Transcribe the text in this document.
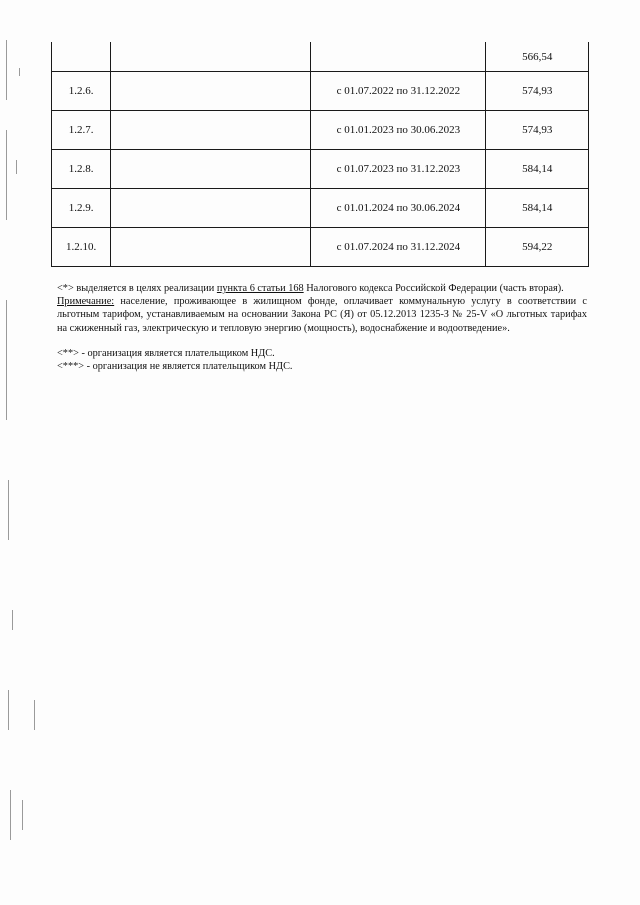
			566,54
1.2.6.		с 01.07.2022 по 31.12.2022	574,93
1.2.7.		с 01.01.2023 по 30.06.2023	574,93
1.2.8.		с 01.07.2023 по 31.12.2023	584,14
1.2.9.		с 01.01.2024 по 30.06.2024	584,14
1.2.10.		с 01.07.2024 по 31.12.2024	594,22

<*> выделяется в целях реализации пункта 6 статьи 168 Налогового кодекса Российской Федерации (часть вторая).

Примечание: население, проживающее в жилищном фонде, оплачивает коммунальную услугу в соответствии с льготным тарифом, устанавливаемым на основании Закона РС (Я) от 05.12.2013 1235-З № 25-V «О льготных тарифах на сжиженный газ, электрическую и тепловую энергию (мощность), водоснабжение и водоотведение».

<**> - организация является плательщиком НДС.

<***> - организация не является плательщиком НДС.
